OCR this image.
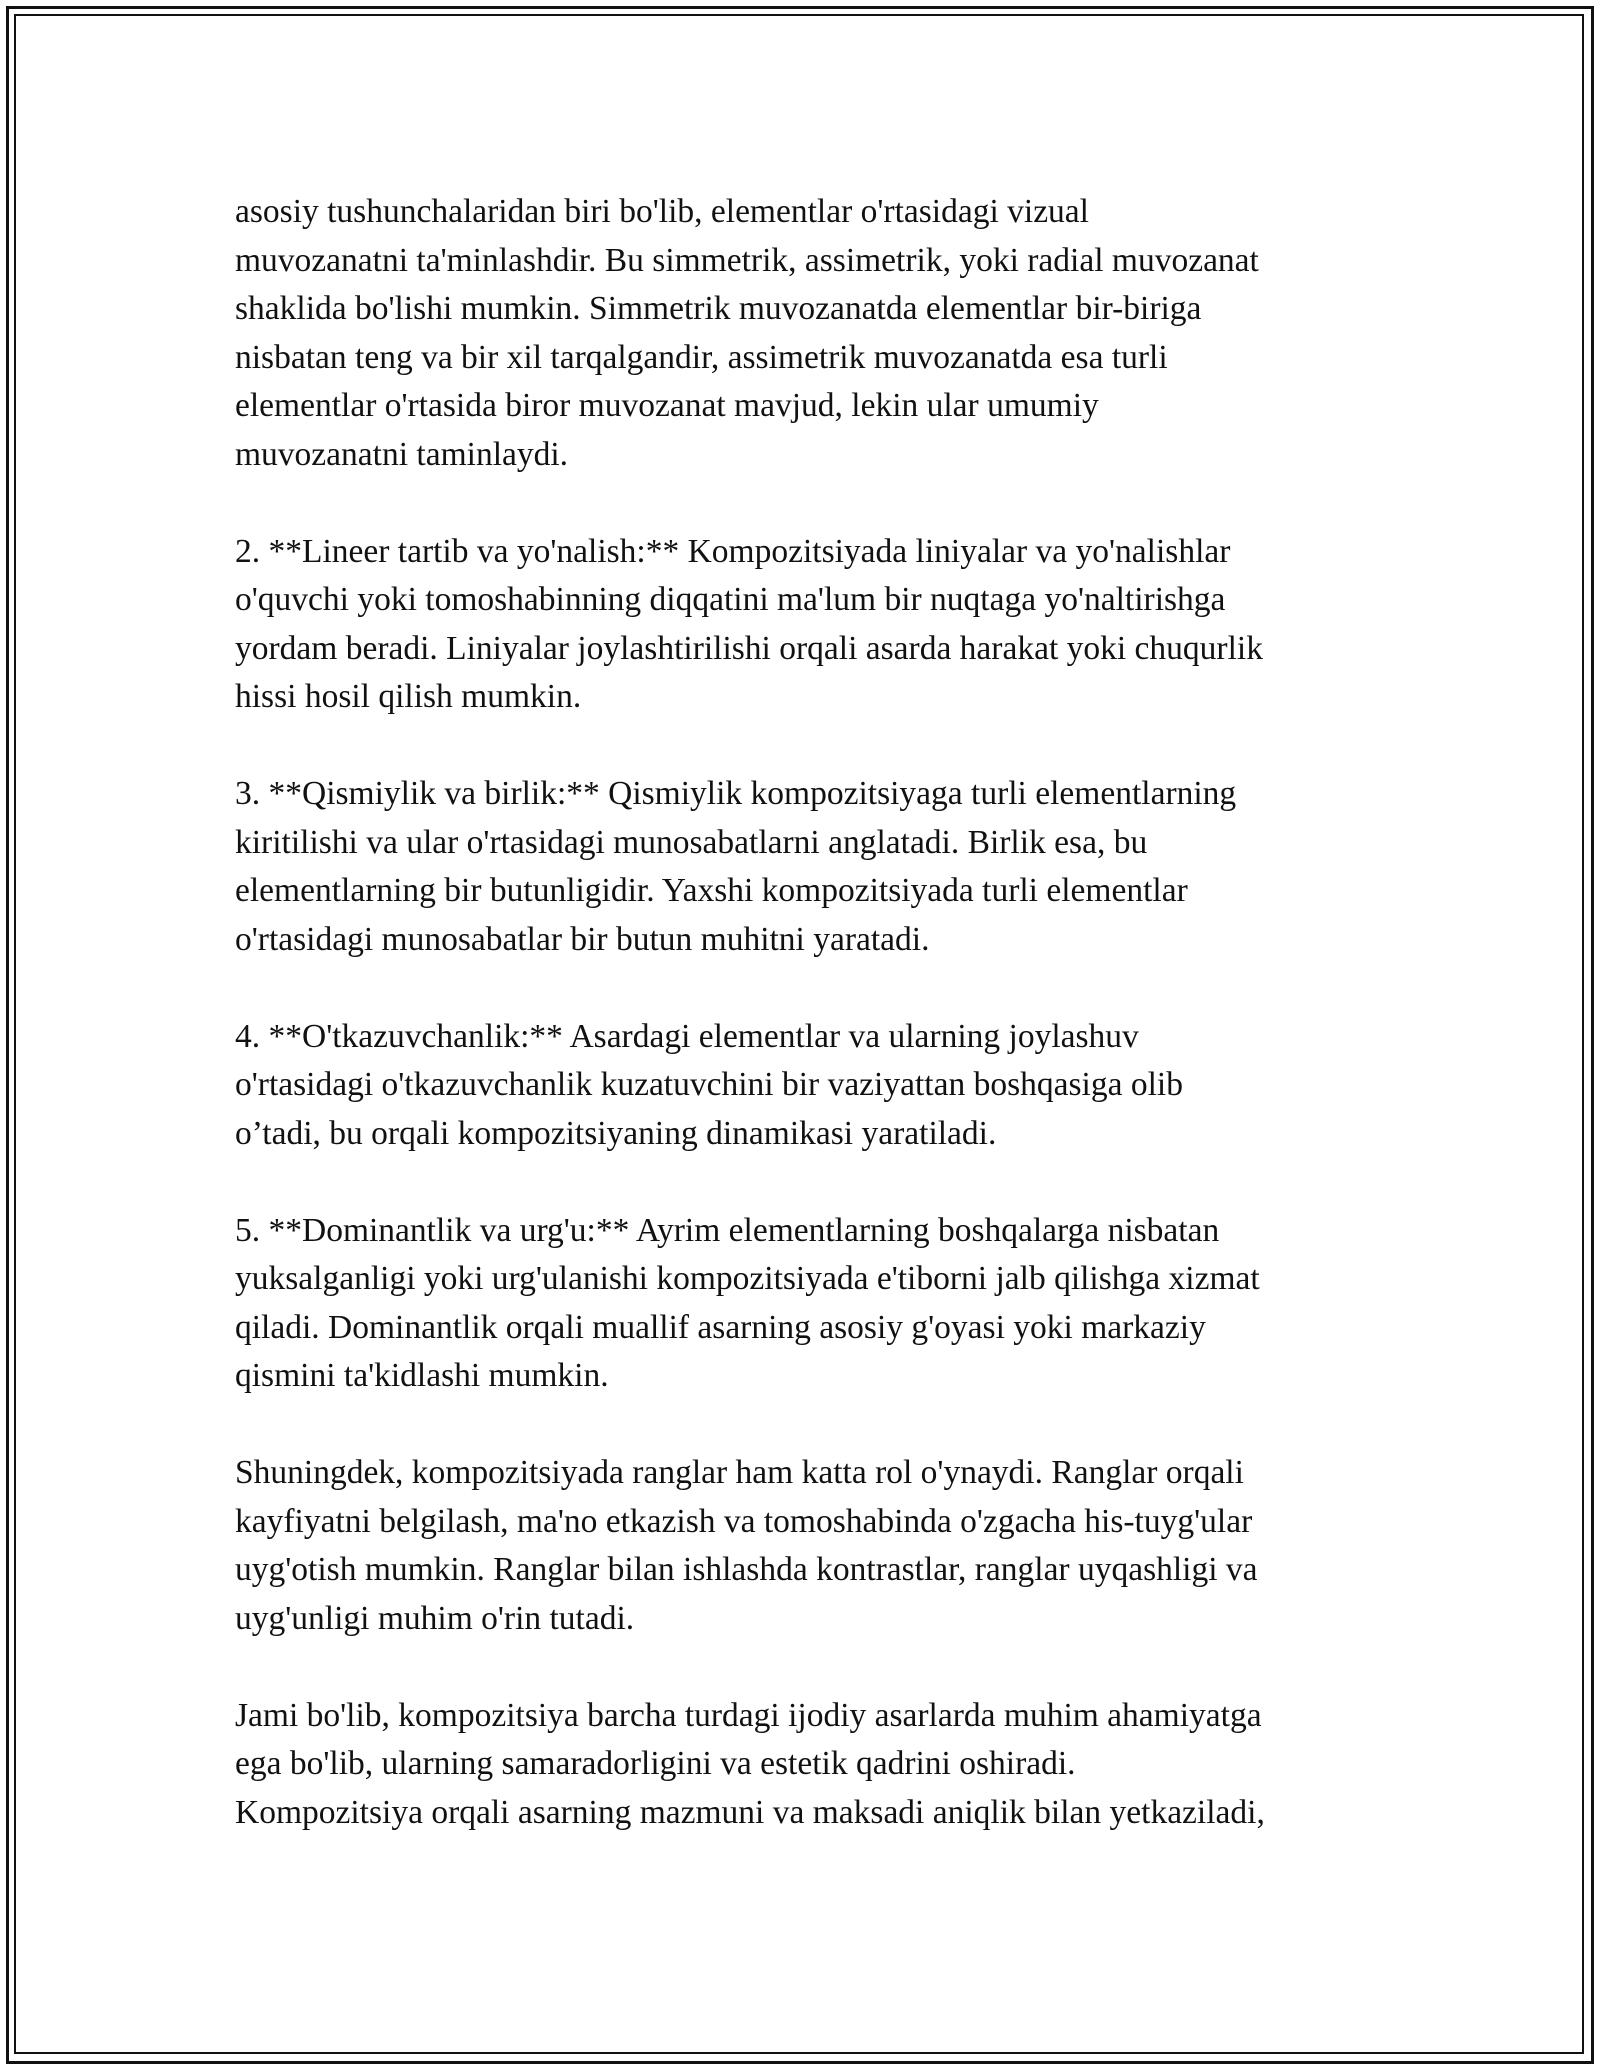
asosiy tushunchalaridan biri bo'lib, elementlar o'rtasidagi vizual
muvozanatni ta'minlashdir. Bu simmetrik, assimetrik, yoki radial muvozanat
shaklida bo'lishi mumkin. Simmetrik muvozanatda elementlar bir-biriga
nisbatan teng va bir xil tarqalgandir, assimetrik muvozanatda esa turli
elementlar o'rtasida biror muvozanat mavjud, lekin ular umumiy
muvozanatni taminlaydi.
2. **Lineer tartib va yo'nalish:** Kompozitsiyada liniyalar va yo'nalishlar
o'quvchi yoki tomoshabinning diqqatini ma'lum bir nuqtaga yo'naltirishga
yordam beradi. Liniyalar joylashtirilishi orqali asarda harakat yoki chuqurlik
hissi hosil qilish mumkin.
3. **Qismiylik va birlik:** Qismiylik kompozitsiyaga turli elementlarning
kiritilishi va ular o'rtasidagi munosabatlarni anglatadi. Birlik esa, bu
elementlarning bir butunligidir. Yaxshi kompozitsiyada turli elementlar
o'rtasidagi munosabatlar bir butun muhitni yaratadi.
4. **O'tkazuvchanlik:** Asardagi elementlar va ularning joylashuv
o'rtasidagi o'tkazuvchanlik kuzatuvchini bir vaziyattan boshqasiga olib
o’tadi, bu orqali kompozitsiyaning dinamikasi yaratiladi.
5. **Dominantlik va urg'u:** Ayrim elementlarning boshqalarga nisbatan
yuksalganligi yoki urg'ulanishi kompozitsiyada e'tiborni jalb qilishga xizmat
qiladi. Dominantlik orqali muallif asarning asosiy g'oyasi yoki markaziy
qismini ta'kidlashi mumkin.
Shuningdek, kompozitsiyada ranglar ham katta rol o'ynaydi. Ranglar orqali
kayfiyatni belgilash, ma'no etkazish va tomoshabinda o'zgacha his-tuyg'ular
uyg'otish mumkin. Ranglar bilan ishlashda kontrastlar, ranglar uyqashligi va
uyg'unligi muhim o'rin tutadi.
Jami bo'lib, kompozitsiya barcha turdagi ijodiy asarlarda muhim ahamiyatga
ega bo'lib, ularning samaradorligini va estetik qadrini oshiradi.
Kompozitsiya orqali asarning mazmuni va maksadi aniqlik bilan yetkaziladi,
